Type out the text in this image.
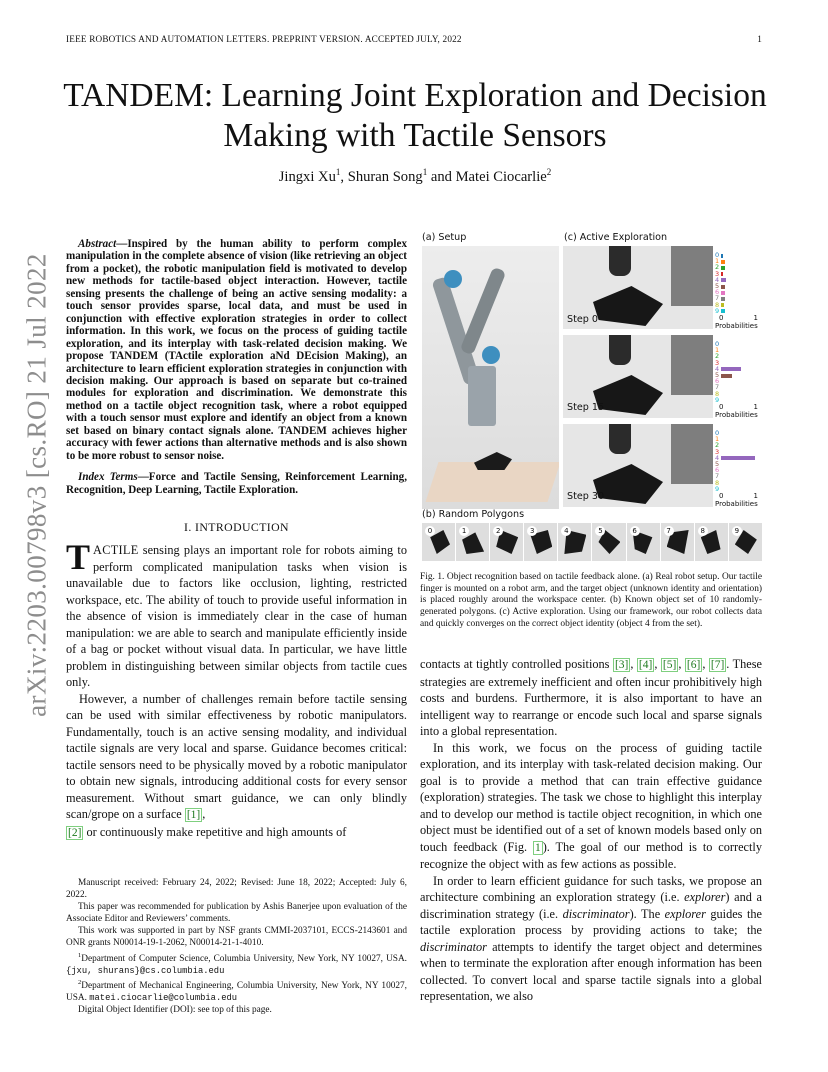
IEEE ROBOTICS AND AUTOMATION LETTERS. PREPRINT VERSION. ACCEPTED JULY, 2022	1
arXiv:2203.00798v3 [cs.RO] 21 Jul 2022
TANDEM: Learning Joint Exploration and Decision Making with Tactile Sensors
Jingxi Xu$^1$, Shuran Song$^1$ and Matei Ciocarlie$^2$

Abstract—Inspired by the human ability to perform complex manipulation in the complete absence of vision (like retrieving an object from a pocket), the robotic manipulation field is motivated to develop new methods for tactile-based object interaction. However, tactile sensing presents the challenge of being an active sensing modality: a touch sensor provides sparse, local data, and must be used in conjunction with effective exploration strategies in order to collect information. In this work, we focus on the process of guiding tactile exploration, and its interplay with task-related decision making. We propose TANDEM (TActile exploration aNd DEcision Making), an architecture to learn efficient exploration strategies in conjunction with decision making. Our approach is based on separate but co-trained modules for exploration and discrimination. We demonstrate this method on a tactile object recognition task, where a robot equipped with a touch sensor must explore and identify an object from a known set based on binary contact signals alone. TANDEM achieves higher accuracy with fewer actions than alternative methods and is also shown to be more robust to sensor noise.

Index Terms—Force and Tactile Sensing, Reinforcement Learning, Recognition, Deep Learning, Tactile Exploration.

I. INTRODUCTION

TACTILE sensing plays an important role for robots aiming to perform complicated manipulation tasks when vision is unavailable due to factors like occlusion, lighting, restricted workspace, etc. The ability of touch to provide useful information in the absence of vision is immediately clear in the case of human manipulation: we are able to search and manipulate efficiently inside of a bag or pocket without visual data. In particular, we have little problem in distinguishing between similar objects from tactile cues only.

However, a number of challenges remain before tactile sensing can be used with similar effectiveness by robotic manipulators. Fundamentally, touch is an active sensing modality, and individual tactile signals are very local and sparse. Guidance becomes critical: tactile sensors need to be physically moved by a robotic manipulator to obtain new signals, introducing additional costs for every sensor measurement. Without smart guidance, we can only blindly scan/grope on a surface [1] ,
[2] or continuously make repetitive and high amounts of

Manuscript received: February 24, 2022; Revised: June 18, 2022; Accepted: July 6, 2022.

This paper was recommended for publication by Ashis Banerjee upon evaluation of the Associate Editor and Reviewers’ comments.

This work was supported in part by NSF grants CMMI-2037101, ECCS-2143601 and ONR grants N00014-19-1-2062, N00014-21-1-4010.

$^1$Department of Computer Science, Columbia University, New York, NY 10027, USA. {jxu, shurans}@cs.columbia.edu

$^2$Department of Mechanical Engineering, Columbia University, New York, NY 10027, USA. matei.ciocarlie@columbia.edu

Digital Object Identifier (DOI): see top of this page.

(a) Setup	(c) Active Exploration
Step 0
Step 15
Step 30
0
1
2
3
4
5
6
7
8
9
0	1
Probabilities
0
1
2
3
4
5
6
7
8
9
0	1
Probabilities
0
1
2
3
4
5
6
7
8
9
0	1
Probabilities
(b) Random Polygons
0	1	2	3	4	5	6	7	8	9

Fig. 1. Object recognition based on tactile feedback alone. (a) Real robot setup. Our tactile finger is mounted on a robot arm, and the target object (unknown identity and orientation) is placed roughly around the workspace center. (b) Known object set of 10 randomly-generated polygons. (c) Active exploration. Using our framework, our robot collects data and quickly converges on the correct object identity (object 4 from the set).

contacts at tightly controlled positions [3] , [4] , [5] , [6] , [7] . These strategies are extremely inefficient and often incur prohibitively high costs and burdens. Furthermore, it is also important to have an intelligent way to rearrange or encode such local and sparse signals into a global representation.

In this work, we focus on the process of guiding tactile exploration, and its interplay with task-related decision making. Our goal is to provide a method that can train effective guidance (exploration) strategies. The task we chose to highlight this interplay and to develop our method is tactile object recognition, in which one object must be identified out of a set of known models based only on touch feedback (Fig. 1 ). The goal of our method is to correctly recognize the object with as few actions as possible.

In order to learn efficient guidance for such tasks, we propose an architecture combining an exploration strategy (i.e. explorer) and a discrimination strategy (i.e. discriminator). The explorer guides the tactile exploration process by providing actions to take; the discriminator attempts to identify the target object and determines when to terminate the exploration after enough information has been collected. To convert local and sparse tactile signals into a global representation, we also
